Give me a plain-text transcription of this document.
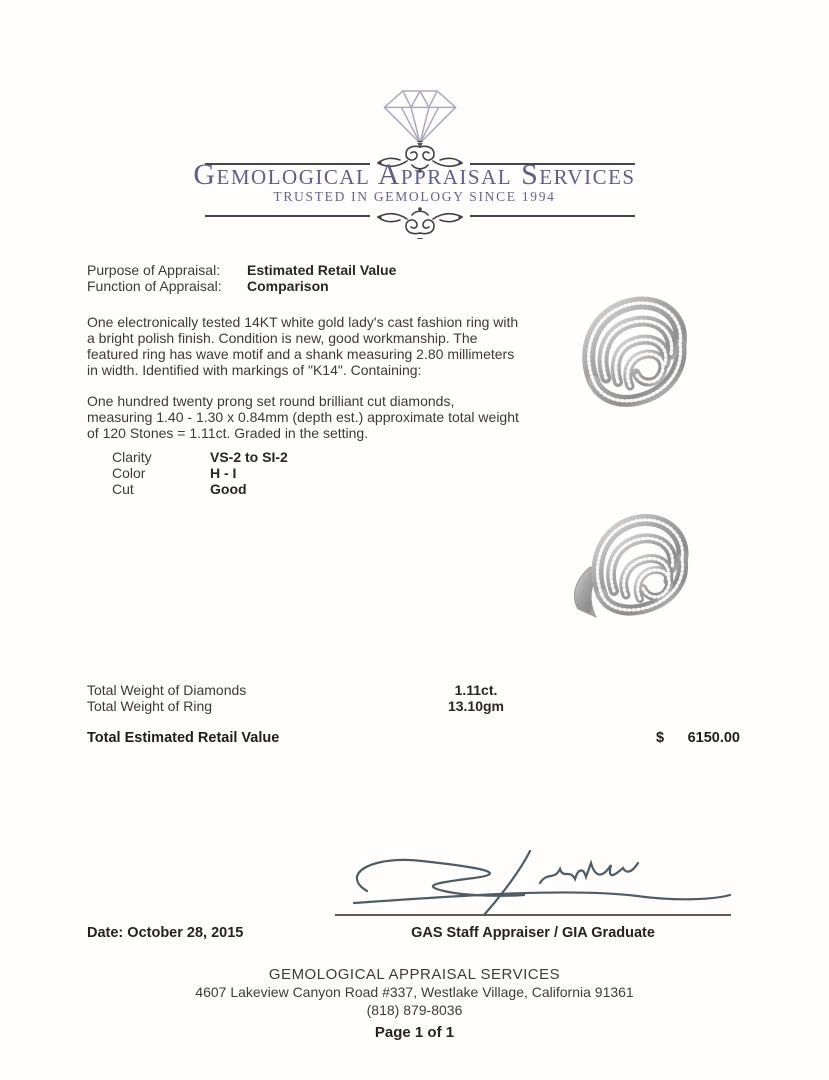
Gemological Appraisal Services
TRUSTED IN GEMOLOGY SINCE 1994
Purpose of Appraisal:	Estimated Retail Value
Function of Appraisal:	Comparison
One electronically tested 14KT white gold lady's cast fashion ring with a bright polish finish. Condition is new, good workmanship. The featured ring has wave motif and a shank measuring 2.80 millimeters in width. Identified with markings of "K14". Containing:
One hundred twenty prong set round brilliant cut diamonds, measuring 1.40 - 1.30 x 0.84mm (depth est.) approximate total weight of 120 Stones = 1.11ct. Graded in the setting.
Clarity	VS-2 to SI-2
Color	H - I
Cut	Good
Total Weight of Diamonds	1.11ct.
Total Weight of Ring	13.10gm
Total Estimated Retail Value	$	6150.00
Date: October 28, 2015	GAS Staff Appraiser / GIA Graduate
GEMOLOGICAL APPRAISAL SERVICES
4607 Lakeview Canyon Road #337, Westlake Village, California 91361
(818) 879-8036
Page 1 of 1
